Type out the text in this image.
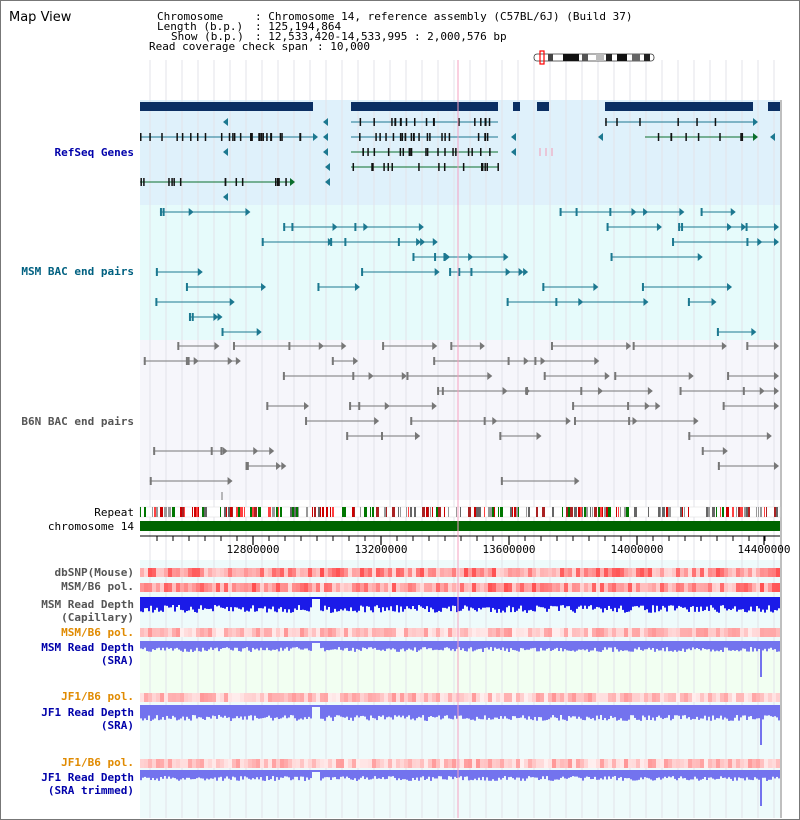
Map View	Chromosome	: Chromosome 14, reference assembly (C57BL/6J) (Build 37)
Length (b.p.) : 125,194,864
Show (b.p.) : 12,533,420-14,533,995 : 2,000,576 bp
Read coverage check span : 10,000
RefSeq Genes
MSM BAC end pairs
B6N BAC end pairs
Repeat
chromosome 14
dbSNP(Mouse)
MSM/B6 pol.
MSM Read Depth
(Capillary)
MSM/B6 pol.
MSM Read Depth
(SRA)
JF1/B6 pol.
JF1 Read Depth
(SRA)
JF1/B6 pol.
JF1 Read Depth
(SRA trimmed)
12800000	13200000	13600000	14000000	14400000
